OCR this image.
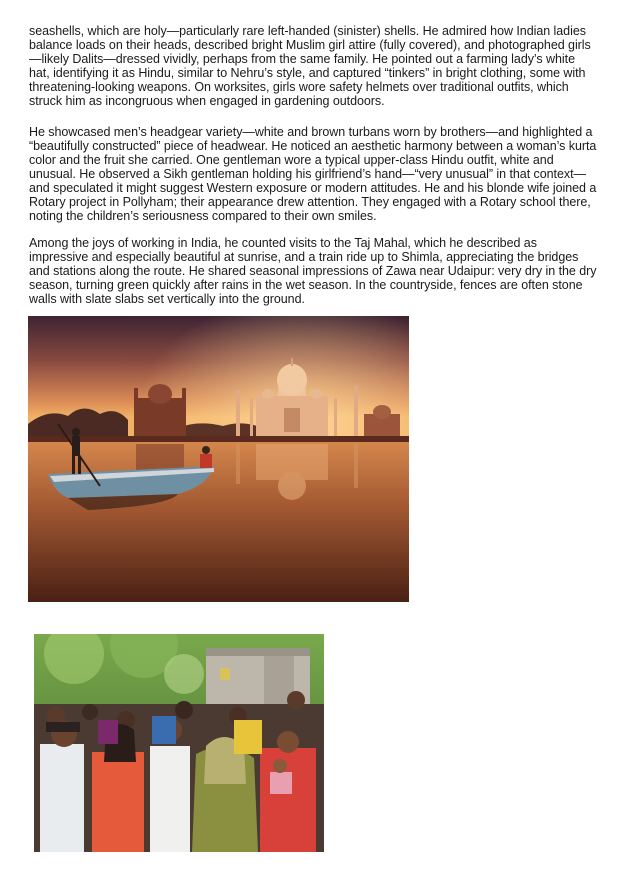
seashells, which are holy—particularly rare left-handed (sinister) shells. He admired how Indian ladies balance loads on their heads, described bright Muslim girl attire (fully covered), and photographed girls—likely Dalits—dressed vividly, perhaps from the same family. He pointed out a farming lady’s white hat, identifying it as Hindu, similar to Nehru’s style, and captured “tinkers” in bright clothing, some with threatening-looking weapons. On worksites, girls wore safety helmets over traditional outfits, which struck him as incongruous when engaged in gardening outdoors.

He showcased men’s headgear variety—white and brown turbans worn by brothers—and highlighted a “beautifully constructed” piece of headwear. He noticed an aesthetic harmony between a woman’s kurta color and the fruit she carried. One gentleman wore a typical upper-class Hindu outfit, white and unusual. He observed a Sikh gentleman holding his girlfriend’s hand—“very unusual” in that context—and speculated it might suggest Western exposure or modern attitudes. He and his blonde wife joined a Rotary project in Pollyham; their appearance drew attention. They engaged with a Rotary school there, noting the children’s seriousness compared to their own smiles.

Among the joys of working in India, he counted visits to the Taj Mahal, which he described as impressive and especially beautiful at sunrise, and a train ride up to Shimla, appreciating the bridges and stations along the route. He shared seasonal impressions of Zawa near Udaipur: very dry in the dry season, turning green quickly after rains in the wet season. In the countryside, fences are often stone walls with slate slabs set vertically into the ground.
